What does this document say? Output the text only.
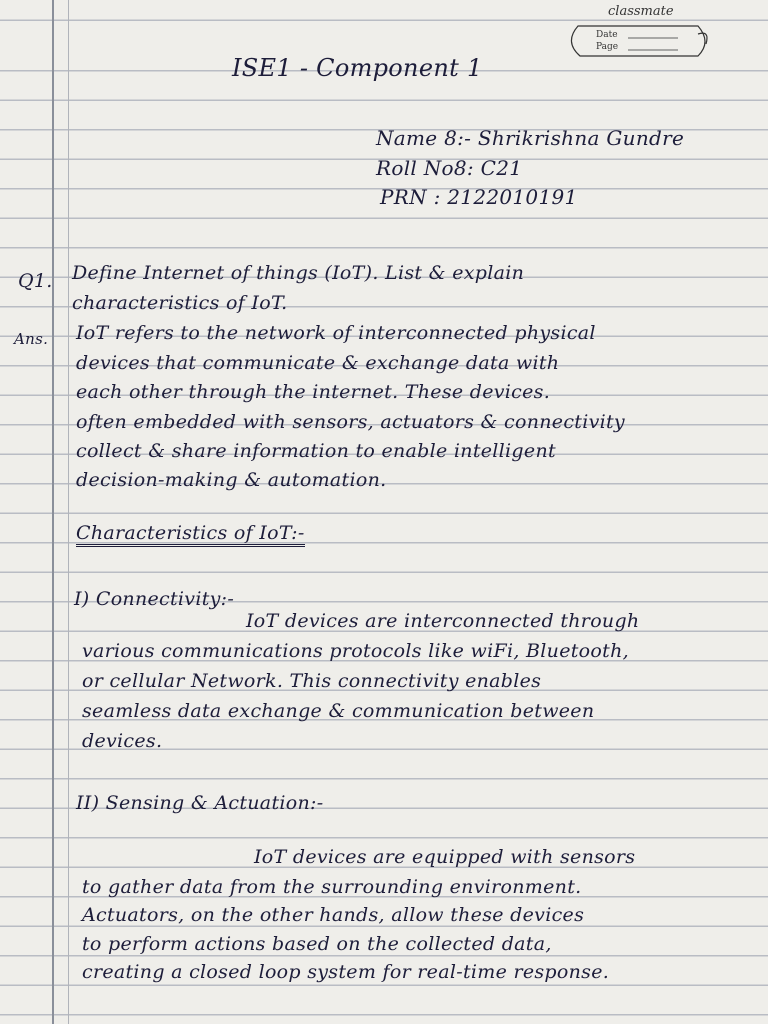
classmate
Date
Page
ISE1 - Component 1
Name 8:- Shrikrishna Gundre
Roll No8: C21
PRN : 2122010191
Q1. Define Internet of things (IoT). List & explain
characteristics of IoT.
Ans. IoT refers to the network of interconnected physical
devices that communicate & exchange data with
each other through the internet. These devices.
often embedded with sensors, actuators & connectivity
collect & share information to enable intelligent
decision-making & automation.
Characteristics of IoT:-
I) Connectivity:-
IoT devices are interconnected through
various communications protocols like wiFi, Bluetooth,
or cellular Network. This connectivity enables
seamless data exchange & communication between
devices.
II) Sensing & Actuation:-
IoT devices are equipped with sensors
to gather data from the surrounding environment.
Actuators, on the other hands, allow these devices
to perform actions based on the collected data,
creating a closed loop system for real-time response.
